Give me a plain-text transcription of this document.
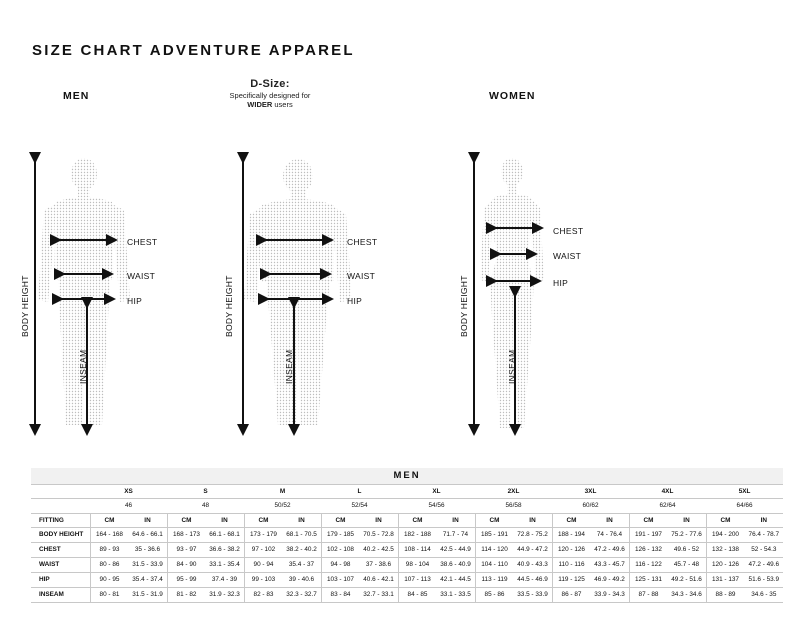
SIZE CHART ADVENTURE APPAREL
MEN
D-Size:
Specifically designed for
WIDER users
WOMEN
CHEST
WAIST
HIP
BODY HEIGHT
INSEAM
CHEST
WAIST
HIP
BODY HEIGHT
INSEAM
CHEST
WAIST
HIP
BODY HEIGHT
INSEAM
MEN																		
	XS		S		M		L		XL		2XL		3XL		4XL		5XL	
	46		48		50/52		52/54		54/56		56/58		60/62		62/64		64/66	
FITTING	CM	IN	CM	IN	CM	IN	CM	IN	CM	IN	CM	IN	CM	IN	CM	IN	CM	IN
BODY HEIGHT	164 - 168	64.6 - 66.1	168 - 173	66.1 - 68.1	173 - 179	68.1 - 70.5	179 - 185	70.5 - 72.8	182 - 188	71.7 - 74	185 - 191	72.8 - 75.2	188 - 194	74 - 76.4	191 - 197	75.2 - 77.6	194 - 200	76.4 - 78.7
CHEST	89 - 93	35 - 36.6	93 - 97	36.6 - 38.2	97 - 102	38.2 - 40.2	102 - 108	40.2 - 42.5	108 - 114	42.5 - 44.9	114 - 120	44.9 - 47.2	120 - 126	47.2 - 49.6	126 - 132	49.6 - 52	132 - 138	52 - 54.3
WAIST	80 - 86	31.5 - 33.9	84 - 90	33.1 - 35.4	90 - 94	35.4 - 37	94 - 98	37 - 38.6	98 - 104	38.6 - 40.9	104 - 110	40.9 - 43.3	110 - 116	43.3 - 45.7	116 - 122	45.7 - 48	120 - 126	47.2 - 49.6
HIP	90 - 95	35.4 - 37.4	95 - 99	37.4 - 39	99 - 103	39 - 40.6	103 - 107	40.6 - 42.1	107 - 113	42.1 - 44.5	113 - 119	44.5 - 46.9	119 - 125	46.9 - 49.2	125 - 131	49.2 - 51.6	131 - 137	51.6 - 53.9
INSEAM	80 - 81	31.5 - 31.9	81 - 82	31.9 - 32.3	82 - 83	32.3 - 32.7	83 - 84	32.7 - 33.1	84 - 85	33.1 - 33.5	85 - 86	33.5 - 33.9	86 - 87	33.9 - 34.3	87 - 88	34.3 - 34.6	88 - 89	34.6 - 35
